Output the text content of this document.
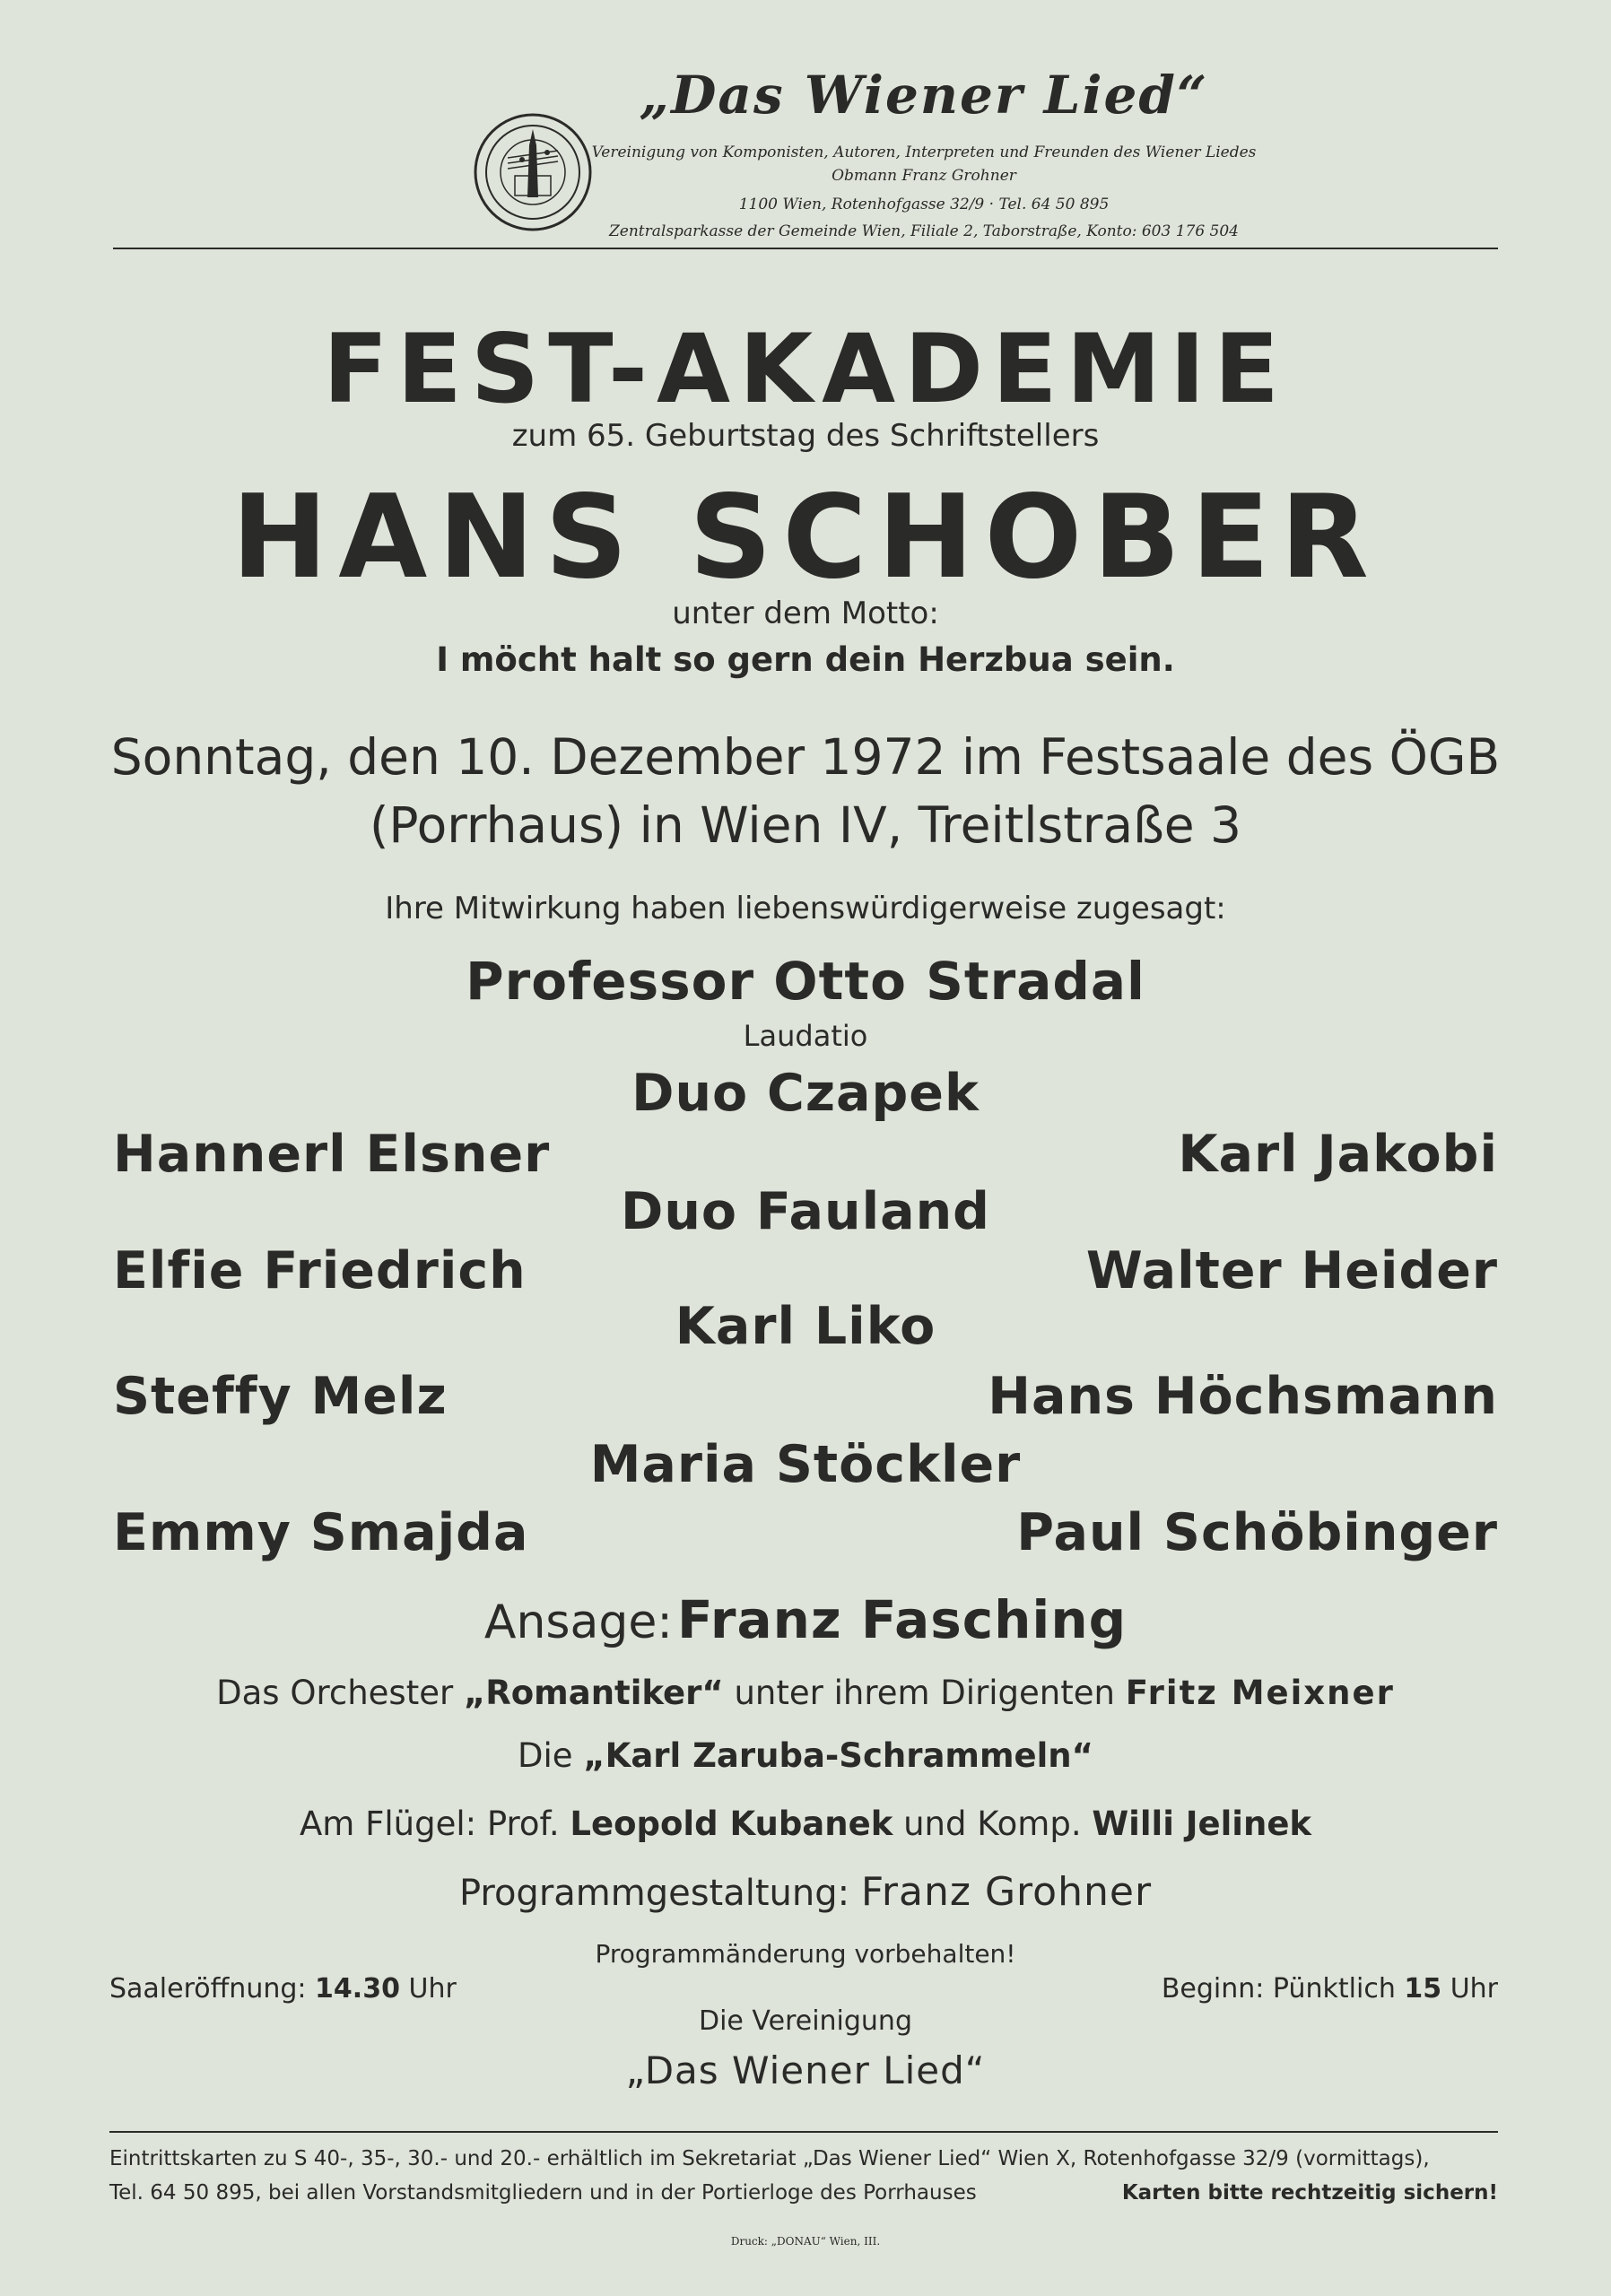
„Das Wiener Lied“
Vereinigung von Komponisten, Autoren, Interpreten und Freunden des Wiener Liedes
Obmann Franz Grohner
1100 Wien, Rotenhofgasse 32/9 · Tel. 64 50 895
Zentralsparkasse der Gemeinde Wien, Filiale 2, Taborstraße, Konto: 603 176 504
FEST-AKADEMIE
zum 65. Geburtstag des Schriftstellers
HANS SCHOBER
unter dem Motto:
I möcht halt so gern dein Herzbua sein.
Sonntag, den 10. Dezember 1972 im Festsaale des ÖGB
(Porrhaus) in Wien IV, Treitlstraße 3
Ihre Mitwirkung haben liebenswürdigerweise zugesagt:
Professor Otto Stradal
Laudatio
Duo Czapek
Hannerl Elsner	Karl Jakobi
Duo Fauland
Elfie Friedrich	Walter Heider
Karl Liko
Steffy Melz	Hans Höchsmann
Maria Stöckler
Emmy Smajda	Paul Schöbinger
Ansage: Franz Fasching
Das Orchester „Romantiker“ unter ihrem Dirigenten Fritz Meixner
Die „Karl Zaruba-Schrammeln“
Am Flügel: Prof. Leopold Kubanek und Komp. Willi Jelinek
Programmgestaltung: Franz Grohner
Programmänderung vorbehalten!
Saaleröffnung: 14.30 Uhr	Beginn: Pünktlich 15 Uhr
Die Vereinigung
„Das Wiener Lied“
Eintrittskarten zu S 40-, 35-, 30.- und 20.- erhältlich im Sekretariat „Das Wiener Lied“ Wien X, Rotenhofgasse 32/9 (vormittags),
Tel. 64 50 895, bei allen Vorstandsmitgliedern und in der Portierloge des Porrhauses	Karten bitte rechtzeitig sichern!
Druck: „DONAU“ Wien, III.
